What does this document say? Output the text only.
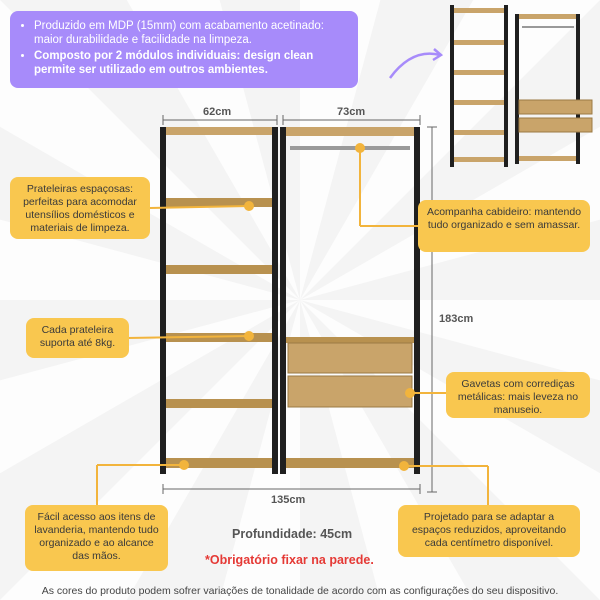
• Produzido em MDP (15mm) com acabamento acetinado: maior durabilidade e facilidade na limpeza.
• Composto por 2 módulos individuais: design clean permite ser utilizado em outros ambientes.
62cm	73cm
135cm
183cm
Prateleiras espaçosas: perfeitas para acomodar utensílios domésticos e materiais de limpeza.
Cada prateleira suporta até 8kg.
Acompanha cabideiro: mantendo tudo organizado e sem amassar.
Gavetas com corrediças metálicas: mais leveza no manuseio.
Fácil acesso aos itens de lavanderia, mantendo tudo organizado e ao alcance das mãos.
Projetado para se adaptar a espaços reduzidos, aproveitando cada centímetro disponível.
Profundidade: 45cm
*Obrigatório fixar na parede.
As cores do produto podem sofrer variações de tonalidade de acordo com as configurações do seu dispositivo.
